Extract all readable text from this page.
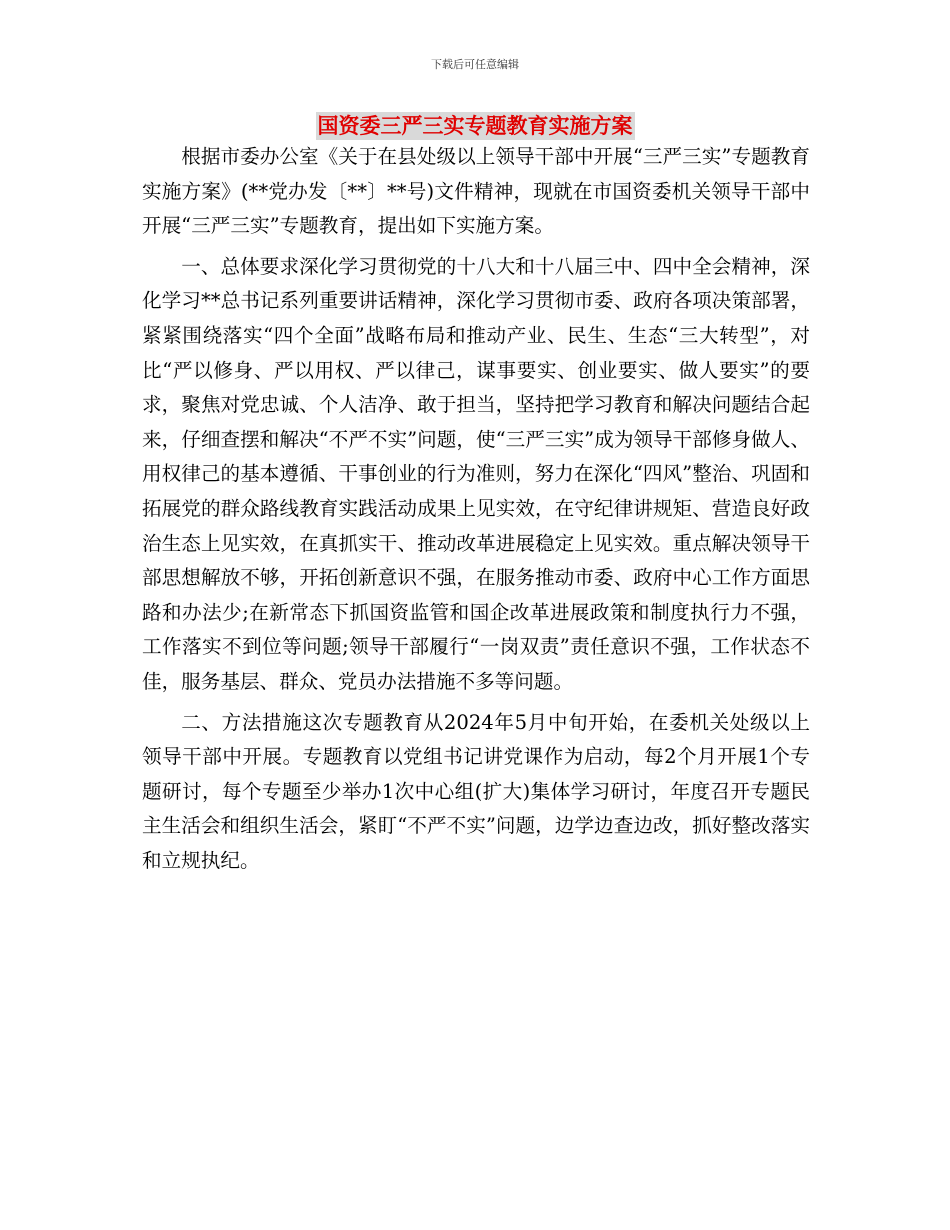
下载后可任意编辑
国资委三严三实专题教育实施方案

根据市委办公室《关于在县处级以上领导干部中开展“三严三实”专题教育实施方案》(**党办发〔**〕**号)文件精神，现就在市国资委机关领导干部中开展“三严三实”专题教育，提出如下实施方案。

一、总体要求深化学习贯彻党的十八大和十八届三中、四中全会精神，深化学习**总书记系列重要讲话精神，深化学习贯彻市委、政府各项决策部署，紧紧围绕落实“四个全面”战略布局和推动产业、民生、生态“三大转型”，对比“严以修身、严以用权、严以律己，谋事要实、创业要实、做人要实”的要求，聚焦对党忠诚、个人洁净、敢于担当，坚持把学习教育和解决问题结合起来，仔细查摆和解决“不严不实”问题，使“三严三实”成为领导干部修身做人、用权律己的基本遵循、干事创业的行为准则，努力在深化“四风”整治、巩固和拓展党的群众路线教育实践活动成果上见实效，在守纪律讲规矩、营造良好政治生态上见实效，在真抓实干、推动改革进展稳定上见实效。重点解决领导干部思想解放不够，开拓创新意识不强，在服务推动市委、政府中心工作方面思路和办法少;在新常态下抓国资监管和国企改革进展政策和制度执行力不强，工作落实不到位等问题;领导干部履行“一岗双责”责任意识不强，工作状态不佳，服务基层、群众、党员办法措施不多等问题。

二、方法措施这次专题教育从2024年5月中旬开始，在委机关处级以上领导干部中开展。专题教育以党组书记讲党课作为启动，每2个月开展1个专题研讨，每个专题至少举办1次中心组(扩大)集体学习研讨，年度召开专题民主生活会和组织生活会，紧盯“不严不实”问题，边学边查边改，抓好整改落实和立规执纪。
